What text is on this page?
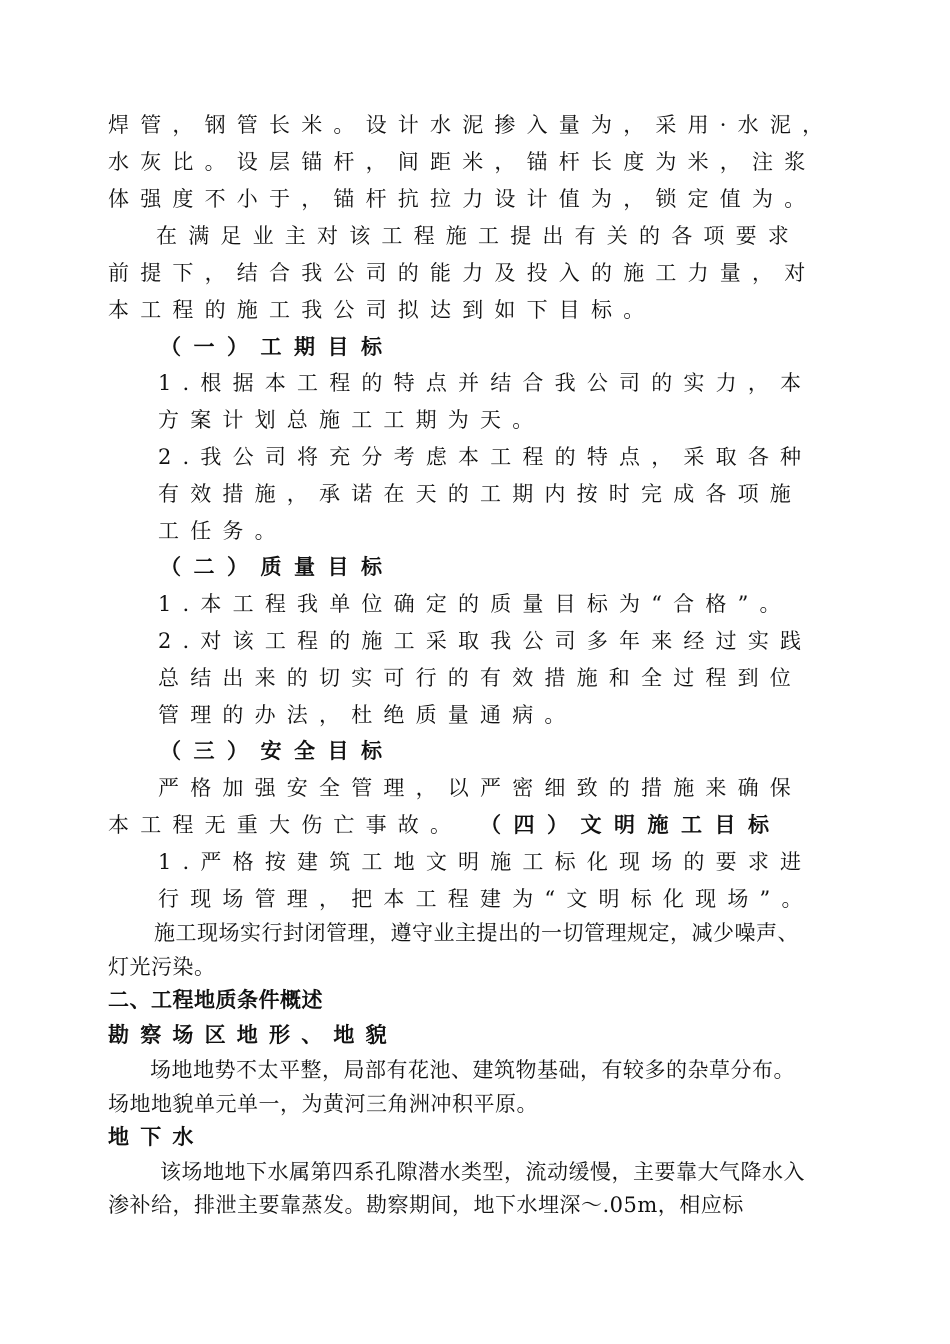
焊管，钢管长米。设计水泥掺入量为，采用·水泥，
水灰比。设层锚杆，间距米，锚杆长度为米，注浆
体强度不小于，锚杆抗拉力设计值为，锁定值为。
在满足业主对该工程施工提出有关的各项要求
前提下，结合我公司的能力及投入的施工力量，对
本工程的施工我公司拟达到如下目标。
（一）工期目标
1.根据本工程的特点并结合我公司的实力，本
方案计划总施工工期为天。
2.我公司将充分考虑本工程的特点，采取各种
有效措施，承诺在天的工期内按时完成各项施
工任务。
（二）质量目标
1.本工程我单位确定的质量目标为“合格”。
2.对该工程的施工采取我公司多年来经过实践
总结出来的切实可行的有效措施和全过程到位
管理的办法，杜绝质量通病。
（三）安全目标
严格加强安全管理，以严密细致的措施来确保
本工程无重大伤亡事故。 （四）文明施工目标
1.严格按建筑工地文明施工标化现场的要求进
行现场管理，把本工程建为“文明标化现场”。
施工现场实行封闭管理，遵守业主提出的一切管理规定，减少噪声、
灯光污染。
二、工程地质条件概述
勘察场区地形、地貌
场地地势不太平整，局部有花池、建筑物基础，有较多的杂草分布。
场地地貌单元单一，为黄河三角洲冲积平原。
地下水
该场地地下水属第四系孔隙潜水类型，流动缓慢，主要靠大气降水入
渗补给，排泄主要靠蒸发。勘察期间，地下水埋深～.05m，相应标
